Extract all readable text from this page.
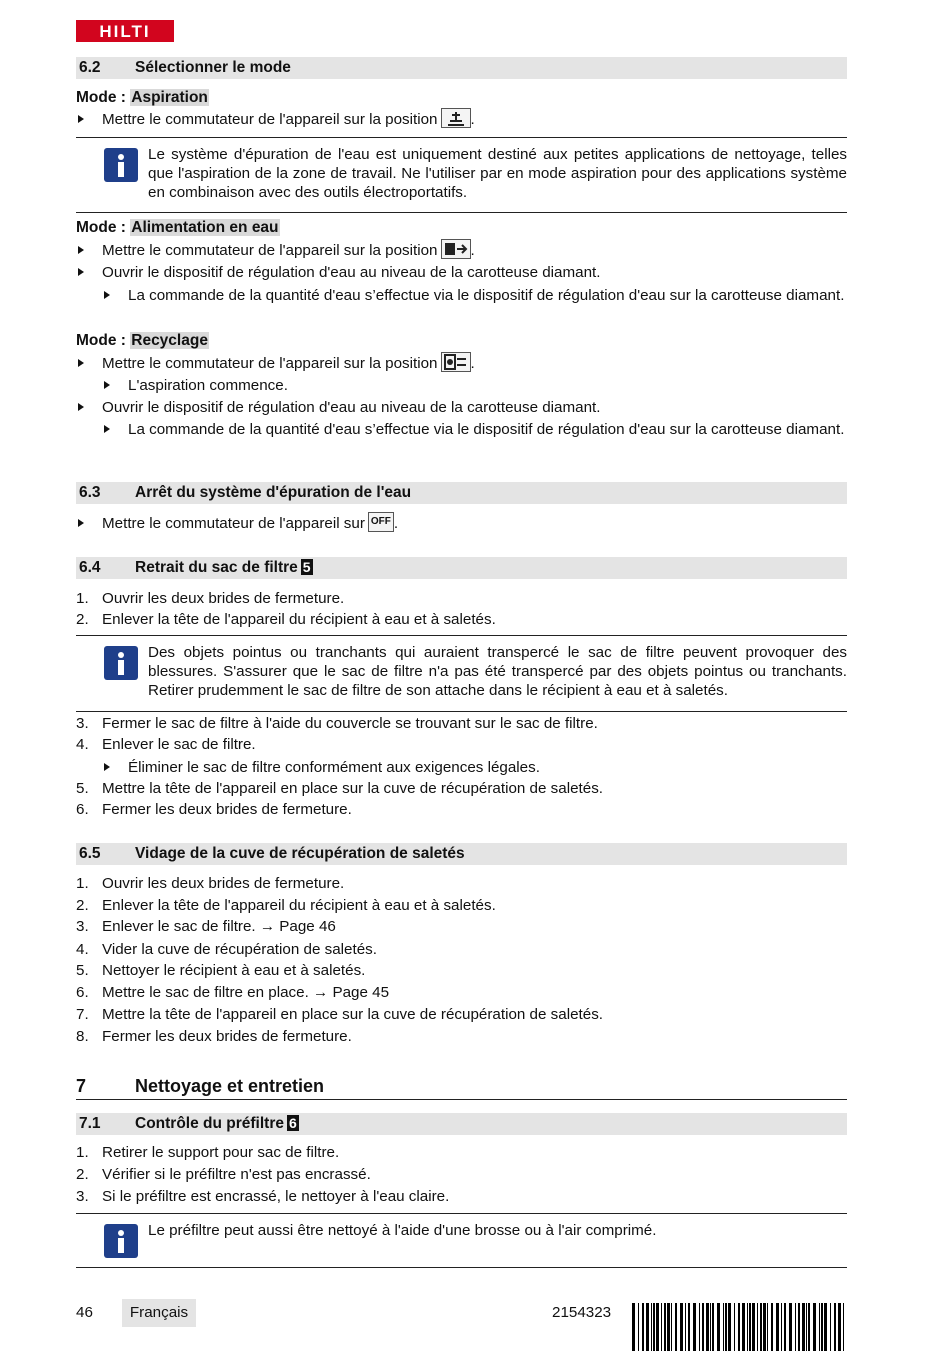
HILTI
6.2 Sélectionner le mode
Mode : Aspiration
Mettre le commutateur de l'appareil sur la position .
Le système d'épuration de l'eau est uniquement destiné aux petites applications de nettoyage, telles que l'aspiration de la zone de travail. Ne l'utiliser par en mode aspiration pour des applications système en combinaison avec des outils électroportatifs.
Mode : Alimentation en eau
Mettre le commutateur de l'appareil sur la position .
Ouvrir le dispositif de régulation d'eau au niveau de la carotteuse diamant.
La commande de la quantité d'eau s’effectue via le dispositif de régulation d'eau sur la carotteuse diamant.
Mode : Recyclage
Mettre le commutateur de l'appareil sur la position .
L'aspiration commence.
Ouvrir le dispositif de régulation d'eau au niveau de la carotteuse diamant.
La commande de la quantité d'eau s’effectue via le dispositif de régulation d'eau sur la carotteuse diamant.
6.3 Arrêt du système d'épuration de l'eau
Mettre le commutateur de l'appareil sur OFF .
6.4 Retrait du sac de filtre 5
1. Ouvrir les deux brides de fermeture.
2. Enlever la tête de l'appareil du récipient à eau et à saletés.
Des objets pointus ou tranchants qui auraient transpercé le sac de filtre peuvent provoquer des blessures. S'assurer que le sac de filtre n'a pas été transpercé par des objets pointus ou tranchants. Retirer prudemment le sac de filtre de son attache dans le récipient à eau et à saletés.
3. Fermer le sac de filtre à l'aide du couvercle se trouvant sur le sac de filtre.
4. Enlever le sac de filtre.
Éliminer le sac de filtre conformément aux exigences légales.
5. Mettre la tête de l'appareil en place sur la cuve de récupération de saletés.
6. Fermer les deux brides de fermeture.
6.5 Vidage de la cuve de récupération de saletés
1. Ouvrir les deux brides de fermeture.
2. Enlever la tête de l'appareil du récipient à eau et à saletés.
3. Enlever le sac de filtre. → Page 46
4. Vider la cuve de récupération de saletés.
5. Nettoyer le récipient à eau et à saletés.
6. Mettre le sac de filtre en place. → Page 45
7. Mettre la tête de l'appareil en place sur la cuve de récupération de saletés.
8. Fermer les deux brides de fermeture.
7	Nettoyage et entretien
7.1 Contrôle du préfiltre 6
1. Retirer le support pour sac de filtre.
2. Vérifier si le préfiltre n'est pas encrassé.
3. Si le préfiltre est encrassé, le nettoyer à l'eau claire.
Le préfiltre peut aussi être nettoyé à l'aide d'une brosse ou à l'air comprimé.
46	Français	2154323
